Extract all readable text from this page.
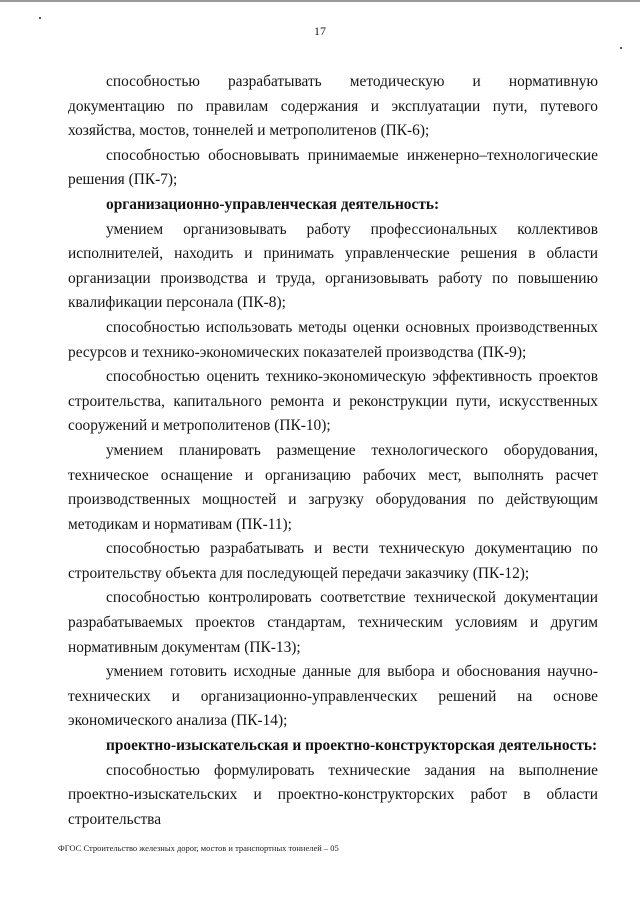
17

способностью разрабатывать методическую и нормативную документацию по правилам содержания и эксплуатации пути, путевого хозяйства, мостов, тоннелей и метрополитенов (ПК-6);

способностью обосновывать принимаемые инженерно–технологические решения (ПК-7);

организационно-управленческая деятельность:

умением организовывать работу профессиональных коллективов исполнителей, находить и принимать управленческие решения в области организации производства и труда, организовывать работу по повышению квалификации персонала (ПК-8);

способностью использовать методы оценки основных производственных ресурсов и технико-экономических показателей производства (ПК-9);

способностью оценить технико-экономическую эффективность проектов строительства, капитального ремонта и реконструкции пути, искусственных сооружений и метрополитенов (ПК-10);

умением планировать размещение технологического оборудования, техническое оснащение и организацию рабочих мест, выполнять расчет производственных мощностей и загрузку оборудования по действующим методикам и нормативам (ПК-11);

способностью разрабатывать и вести техническую документацию по строительству объекта для последующей передачи заказчику (ПК-12);

способностью контролировать соответствие технической документации разрабатываемых проектов стандартам, техническим условиям и другим нормативным документам (ПК-13);

умением готовить исходные данные для выбора и обоснования научно-технических и организационно-управленческих решений на основе экономического анализа (ПК-14);

проектно-изыскательская и проектно-конструкторская деятельность:

способностью формулировать технические задания на выполнение проектно-изыскательских и проектно-конструкторских работ в области строительства

ФГОС Строительство железных дорог, мостов и транспортных тоннелей – 05
